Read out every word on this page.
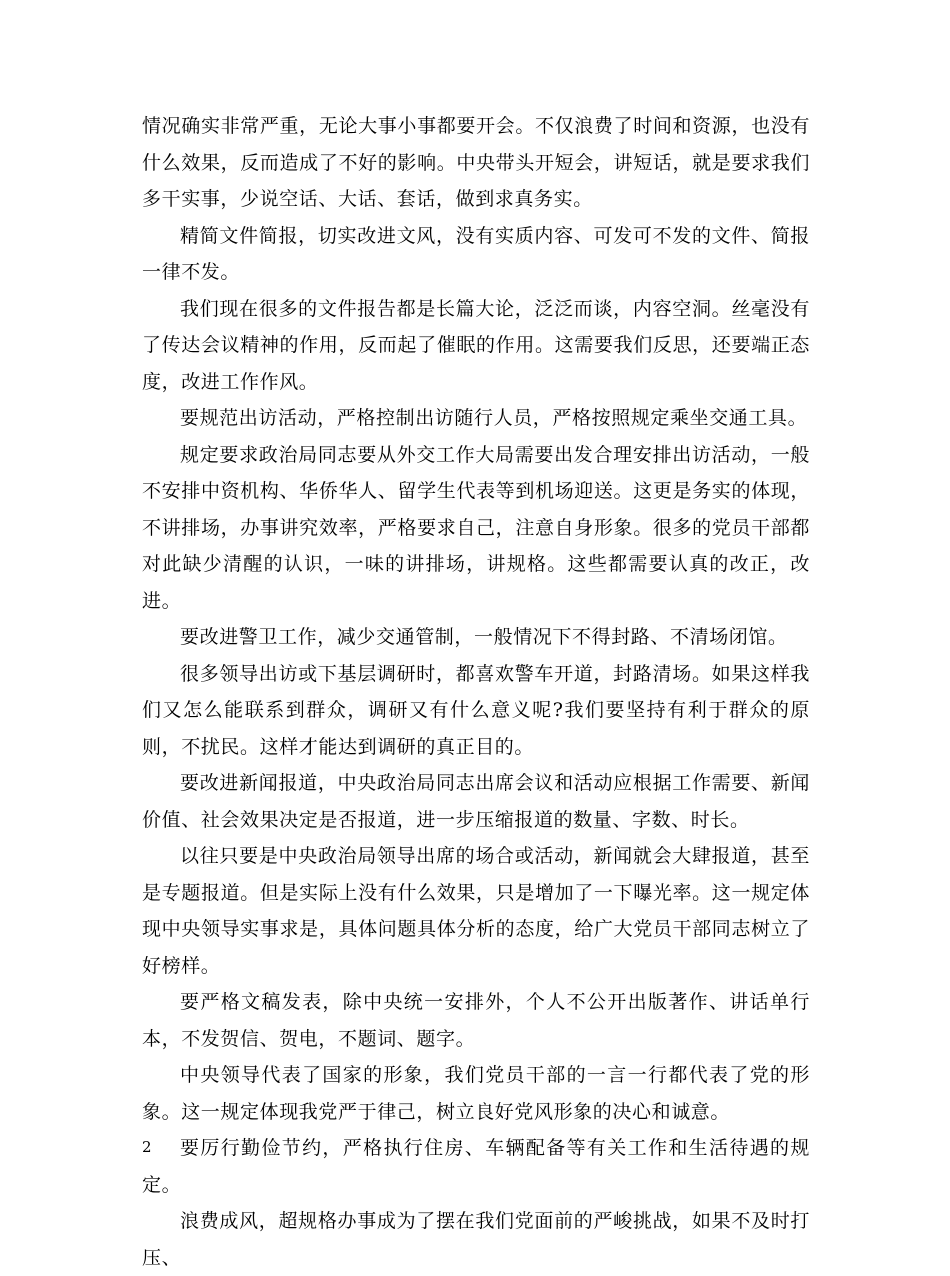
情况确实非常严重，无论大事小事都要开会。不仅浪费了时间和资源，也没有什么效果，反而造成了不好的影响。中央带头开短会，讲短话，就是要求我们多干实事，少说空话、大话、套话，做到求真务实。

精简文件简报，切实改进文风，没有实质内容、可发可不发的文件、简报一律不发。

我们现在很多的文件报告都是长篇大论，泛泛而谈，内容空洞。丝毫没有了传达会议精神的作用，反而起了催眠的作用。这需要我们反思，还要端正态度，改进工作作风。

要规范出访活动，严格控制出访随行人员，严格按照规定乘坐交通工具。

规定要求政治局同志要从外交工作大局需要出发合理安排出访活动，一般不安排中资机构、华侨华人、留学生代表等到机场迎送。这更是务实的体现，不讲排场，办事讲究效率，严格要求自己，注意自身形象。很多的党员干部都对此缺少清醒的认识，一味的讲排场，讲规格。这些都需要认真的改正，改进。

要改进警卫工作，减少交通管制，一般情况下不得封路、不清场闭馆。

很多领导出访或下基层调研时，都喜欢警车开道，封路清场。如果这样我们又怎么能联系到群众，调研又有什么意义呢?我们要坚持有利于群众的原则，不扰民。这样才能达到调研的真正目的。

要改进新闻报道，中央政治局同志出席会议和活动应根据工作需要、新闻价值、社会效果决定是否报道，进一步压缩报道的数量、字数、时长。

以往只要是中央政治局领导出席的场合或活动，新闻就会大肆报道，甚至是专题报道。但是实际上没有什么效果，只是增加了一下曝光率。这一规定体现中央领导实事求是，具体问题具体分析的态度，给广大党员干部同志树立了好榜样。

要严格文稿发表，除中央统一安排外，个人不公开出版著作、讲话单行本，不发贺信、贺电，不题词、题字。

中央领导代表了国家的形象，我们党员干部的一言一行都代表了党的形象。这一规定体现我党严于律己，树立良好党风形象的决心和诚意。

要厉行勤俭节约，严格执行住房、车辆配备等有关工作和生活待遇的规定。

浪费成风，超规格办事成为了摆在我们党面前的严峻挑战，如果不及时打压、

2
